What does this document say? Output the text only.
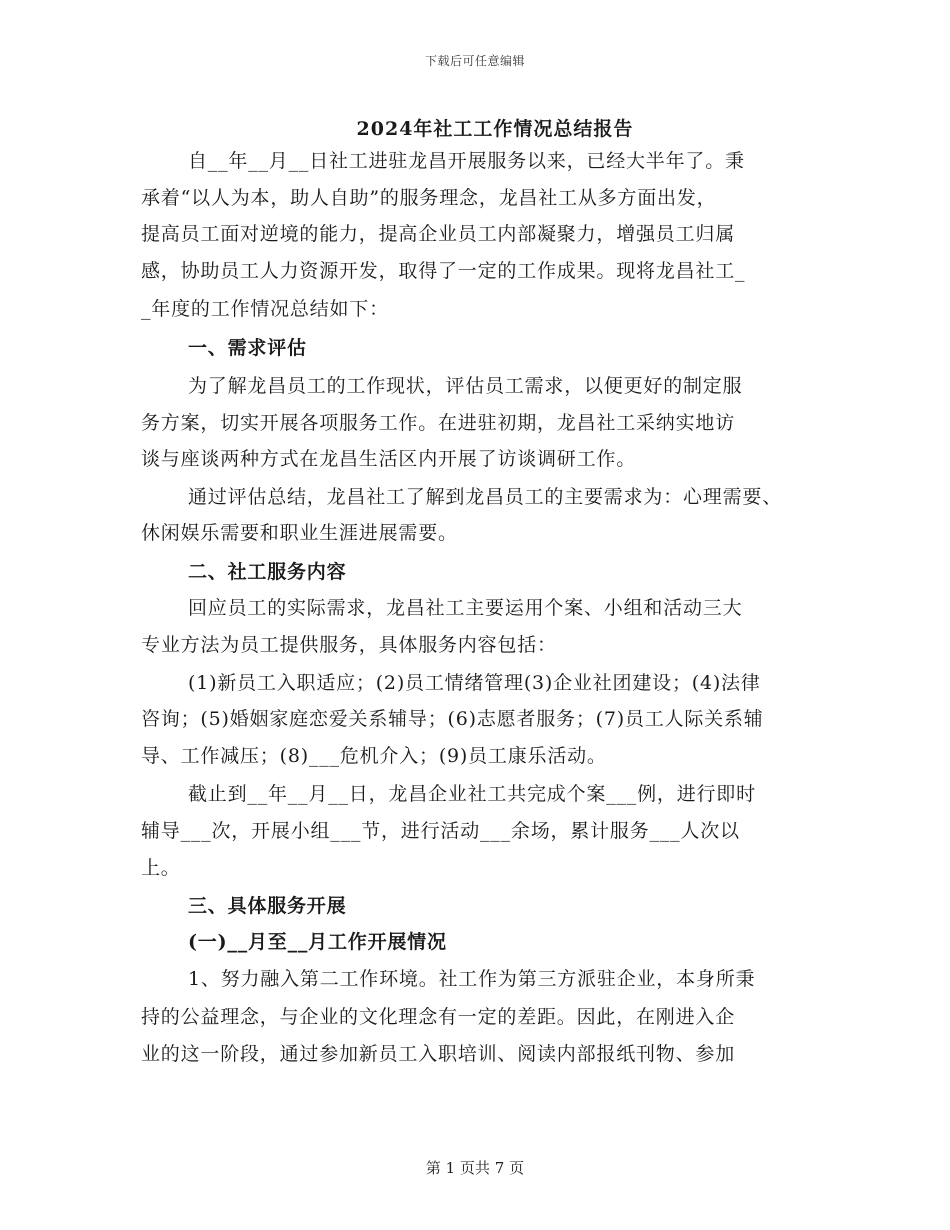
下载后可任意编辑
2024年社工工作情况总结报告
自__年__月__日社工进驻龙昌开展服务以来，已经大半年了。秉
承着“以人为本，助人自助”的服务理念，龙昌社工从多方面出发，
提高员工面对逆境的能力，提高企业员工内部凝聚力，增强员工归属
感，协助员工人力资源开发，取得了一定的工作成果。现将龙昌社工_
_年度的工作情况总结如下：
一、需求评估
为了解龙昌员工的工作现状，评估员工需求，以便更好的制定服
务方案，切实开展各项服务工作。在进驻初期，龙昌社工采纳实地访
谈与座谈两种方式在龙昌生活区内开展了访谈调研工作。
通过评估总结，龙昌社工了解到龙昌员工的主要需求为：心理需要、
休闲娱乐需要和职业生涯进展需要。
二、社工服务内容
回应员工的实际需求，龙昌社工主要运用个案、小组和活动三大
专业方法为员工提供服务，具体服务内容包括：
(1)新员工入职适应；(2)员工情绪管理(3)企业社团建设；(4)法律
咨询；(5)婚姻家庭恋爱关系辅导；(6)志愿者服务；(7)员工人际关系辅
导、工作减压；(8)___危机介入；(9)员工康乐活动。
截止到__年__月__日，龙昌企业社工共完成个案___例，进行即时
辅导___次，开展小组___节，进行活动___余场，累计服务___人次以
上。
三、具体服务开展
(一)__月至__月工作开展情况
1、努力融入第二工作环境。社工作为第三方派驻企业，本身所秉
持的公益理念，与企业的文化理念有一定的差距。因此，在刚进入企
业的这一阶段，通过参加新员工入职培训、阅读内部报纸刊物、参加
第 1 页共 7 页
